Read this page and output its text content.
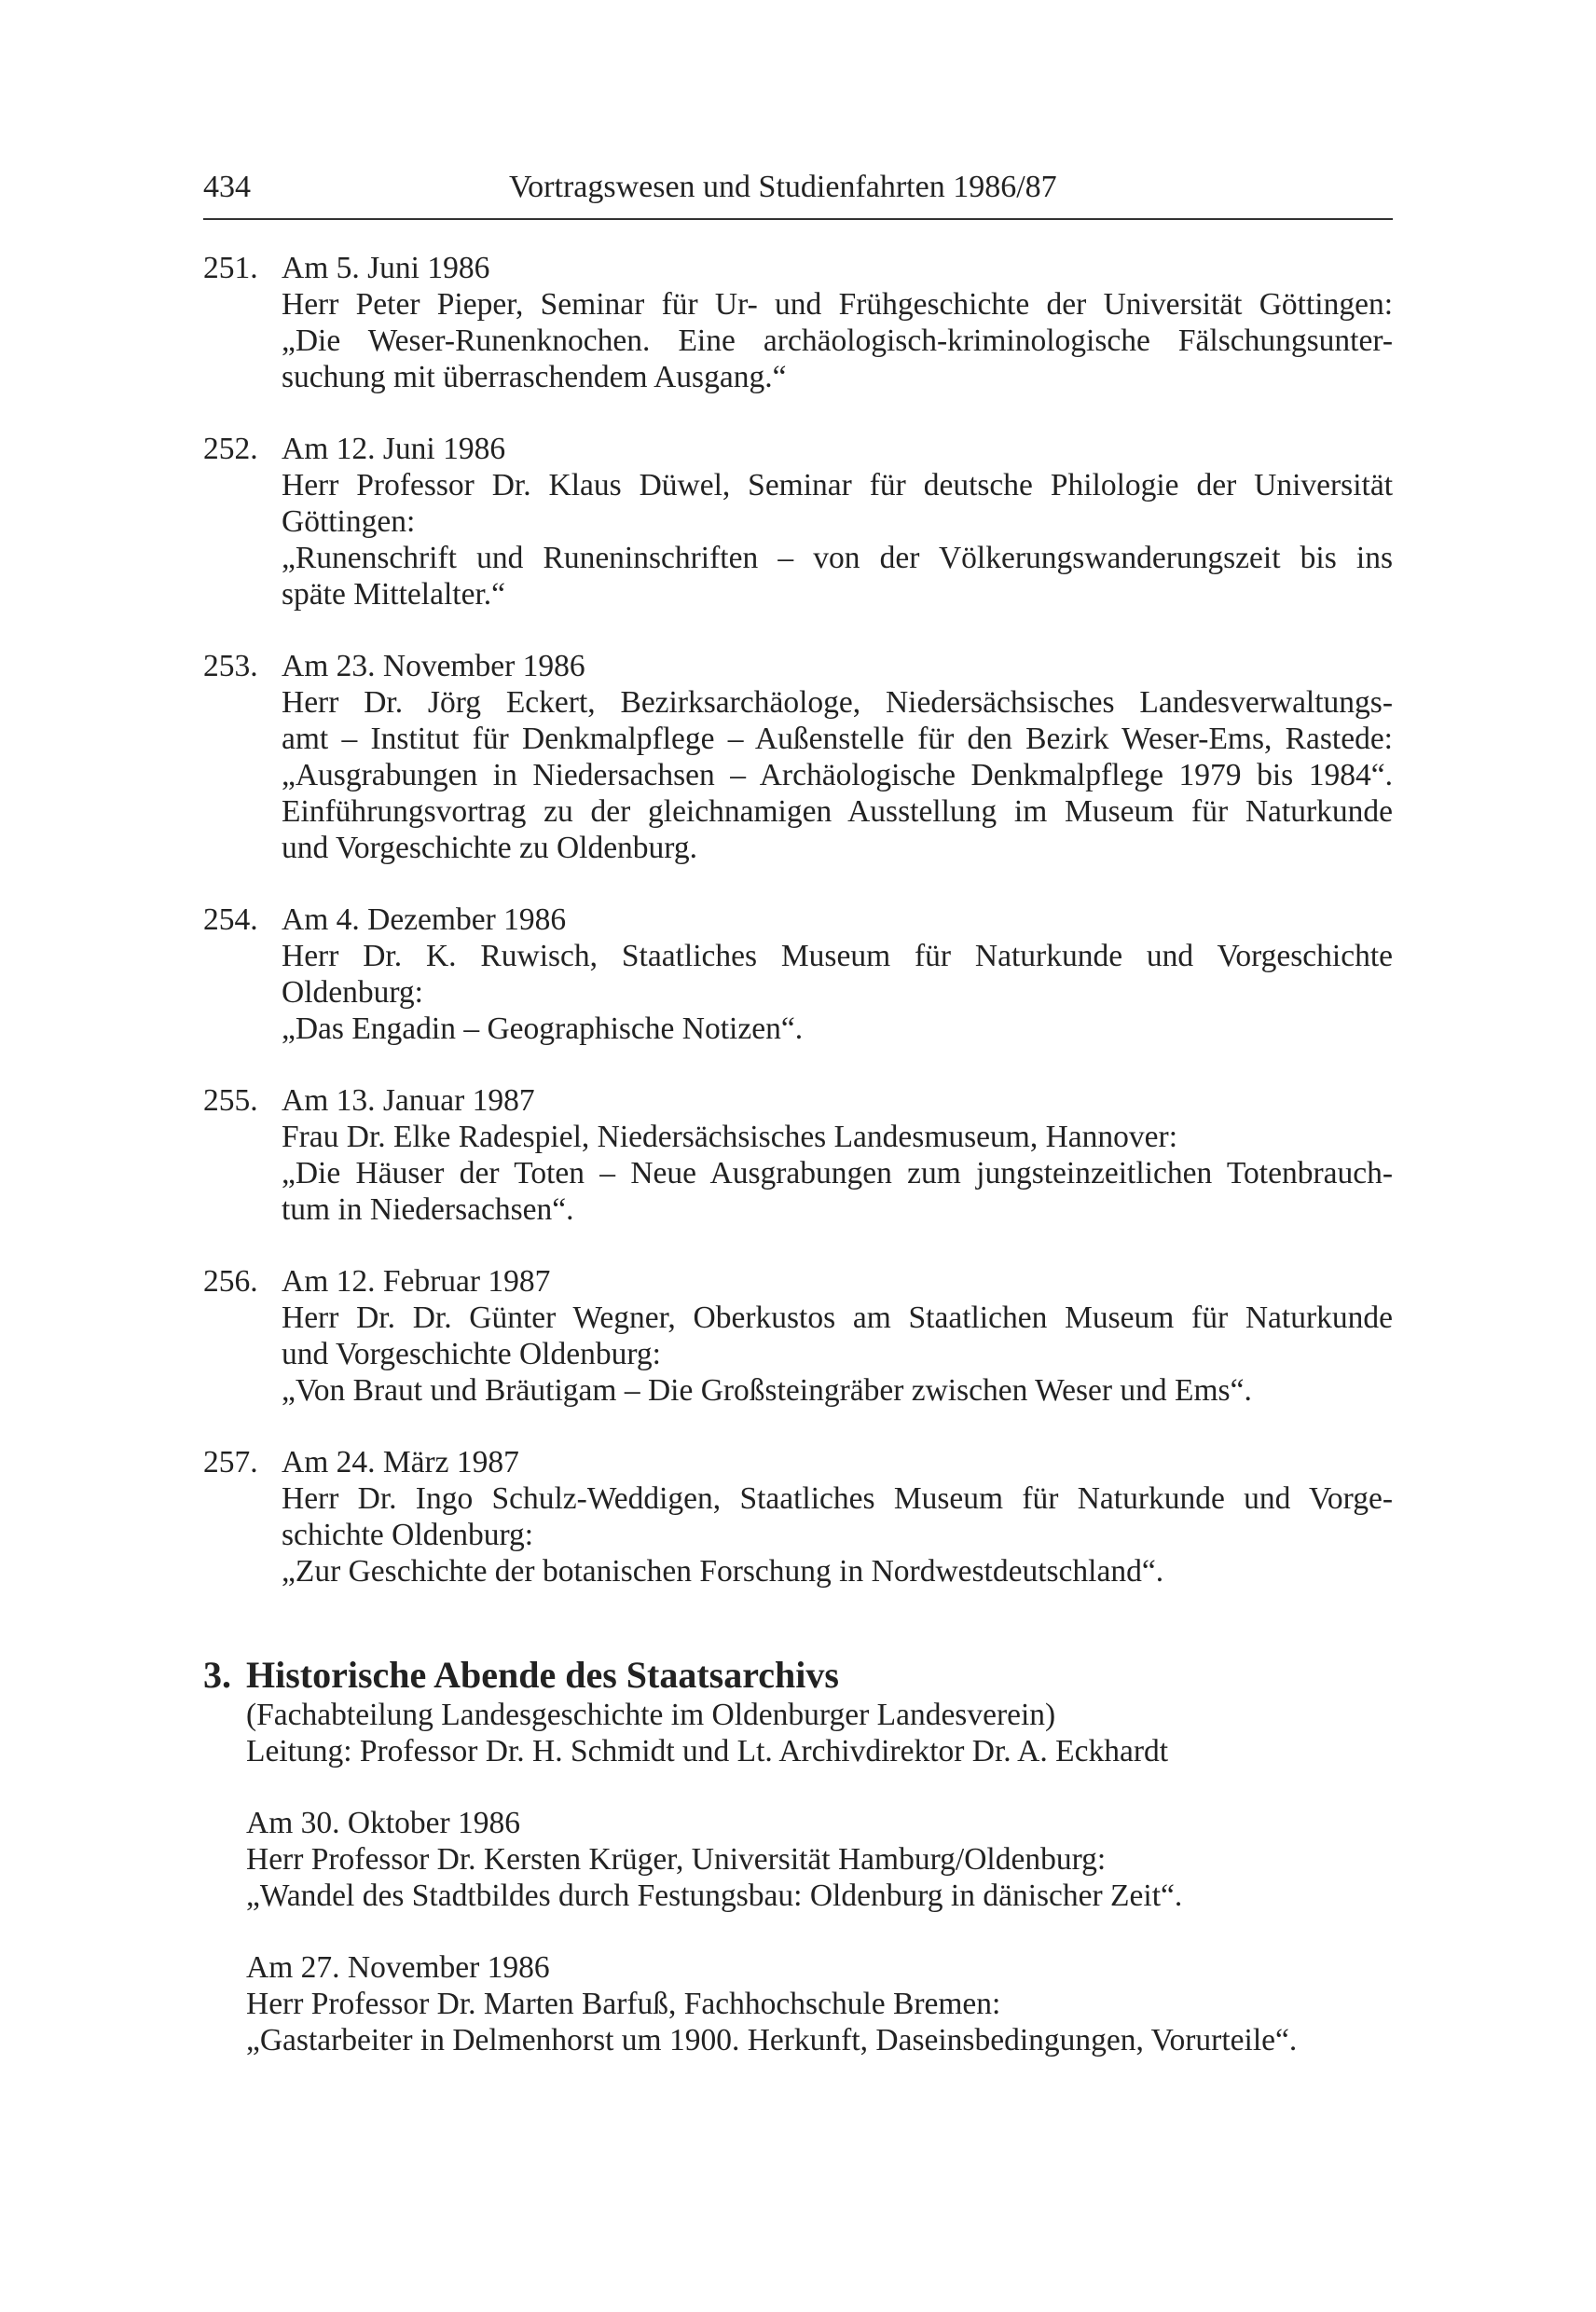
434	Vortragswesen und Studienfahrten 1986/87
251. Am 5. Juni 1986
Herr Peter Pieper, Seminar für Ur- und Frühgeschichte der Universität Göttingen:
„Die Weser-Runenknochen. Eine archäologisch-kriminologische Fälschungsunter-
suchung mit überraschendem Ausgang.“
252. Am 12. Juni 1986
Herr Professor Dr. Klaus Düwel, Seminar für deutsche Philologie der Universität
Göttingen:
„Runenschrift und Runeninschriften – von der Völkerungswanderungszeit bis ins
späte Mittelalter.“
253. Am 23. November 1986
Herr Dr. Jörg Eckert, Bezirksarchäologe, Niedersächsisches Landesverwaltungs-
amt – Institut für Denkmalpflege – Außenstelle für den Bezirk Weser-Ems, Rastede:
„Ausgrabungen in Niedersachsen – Archäologische Denkmalpflege 1979 bis 1984“.
Einführungsvortrag zu der gleichnamigen Ausstellung im Museum für Naturkunde
und Vorgeschichte zu Oldenburg.
254. Am 4. Dezember 1986
Herr Dr. K. Ruwisch, Staatliches Museum für Naturkunde und Vorgeschichte
Oldenburg:
„Das Engadin – Geographische Notizen“.
255. Am 13. Januar 1987
Frau Dr. Elke Radespiel, Niedersächsisches Landesmuseum, Hannover:
„Die Häuser der Toten – Neue Ausgrabungen zum jungsteinzeitlichen Totenbrauch-
tum in Niedersachsen“.
256. Am 12. Februar 1987
Herr Dr. Dr. Günter Wegner, Oberkustos am Staatlichen Museum für Naturkunde
und Vorgeschichte Oldenburg:
„Von Braut und Bräutigam – Die Großsteingräber zwischen Weser und Ems“.
257. Am 24. März 1987
Herr Dr. Ingo Schulz-Weddigen, Staatliches Museum für Naturkunde und Vorge-
schichte Oldenburg:
„Zur Geschichte der botanischen Forschung in Nordwestdeutschland“.
3. Historische Abende des Staatsarchivs
(Fachabteilung Landesgeschichte im Oldenburger Landesverein)
Leitung: Professor Dr. H. Schmidt und Lt. Archivdirektor Dr. A. Eckhardt
Am 30. Oktober 1986
Herr Professor Dr. Kersten Krüger, Universität Hamburg/Oldenburg:
„Wandel des Stadtbildes durch Festungsbau: Oldenburg in dänischer Zeit“.
Am 27. November 1986
Herr Professor Dr. Marten Barfuß, Fachhochschule Bremen:
„Gastarbeiter in Delmenhorst um 1900. Herkunft, Daseinsbedingungen, Vorurteile“.
